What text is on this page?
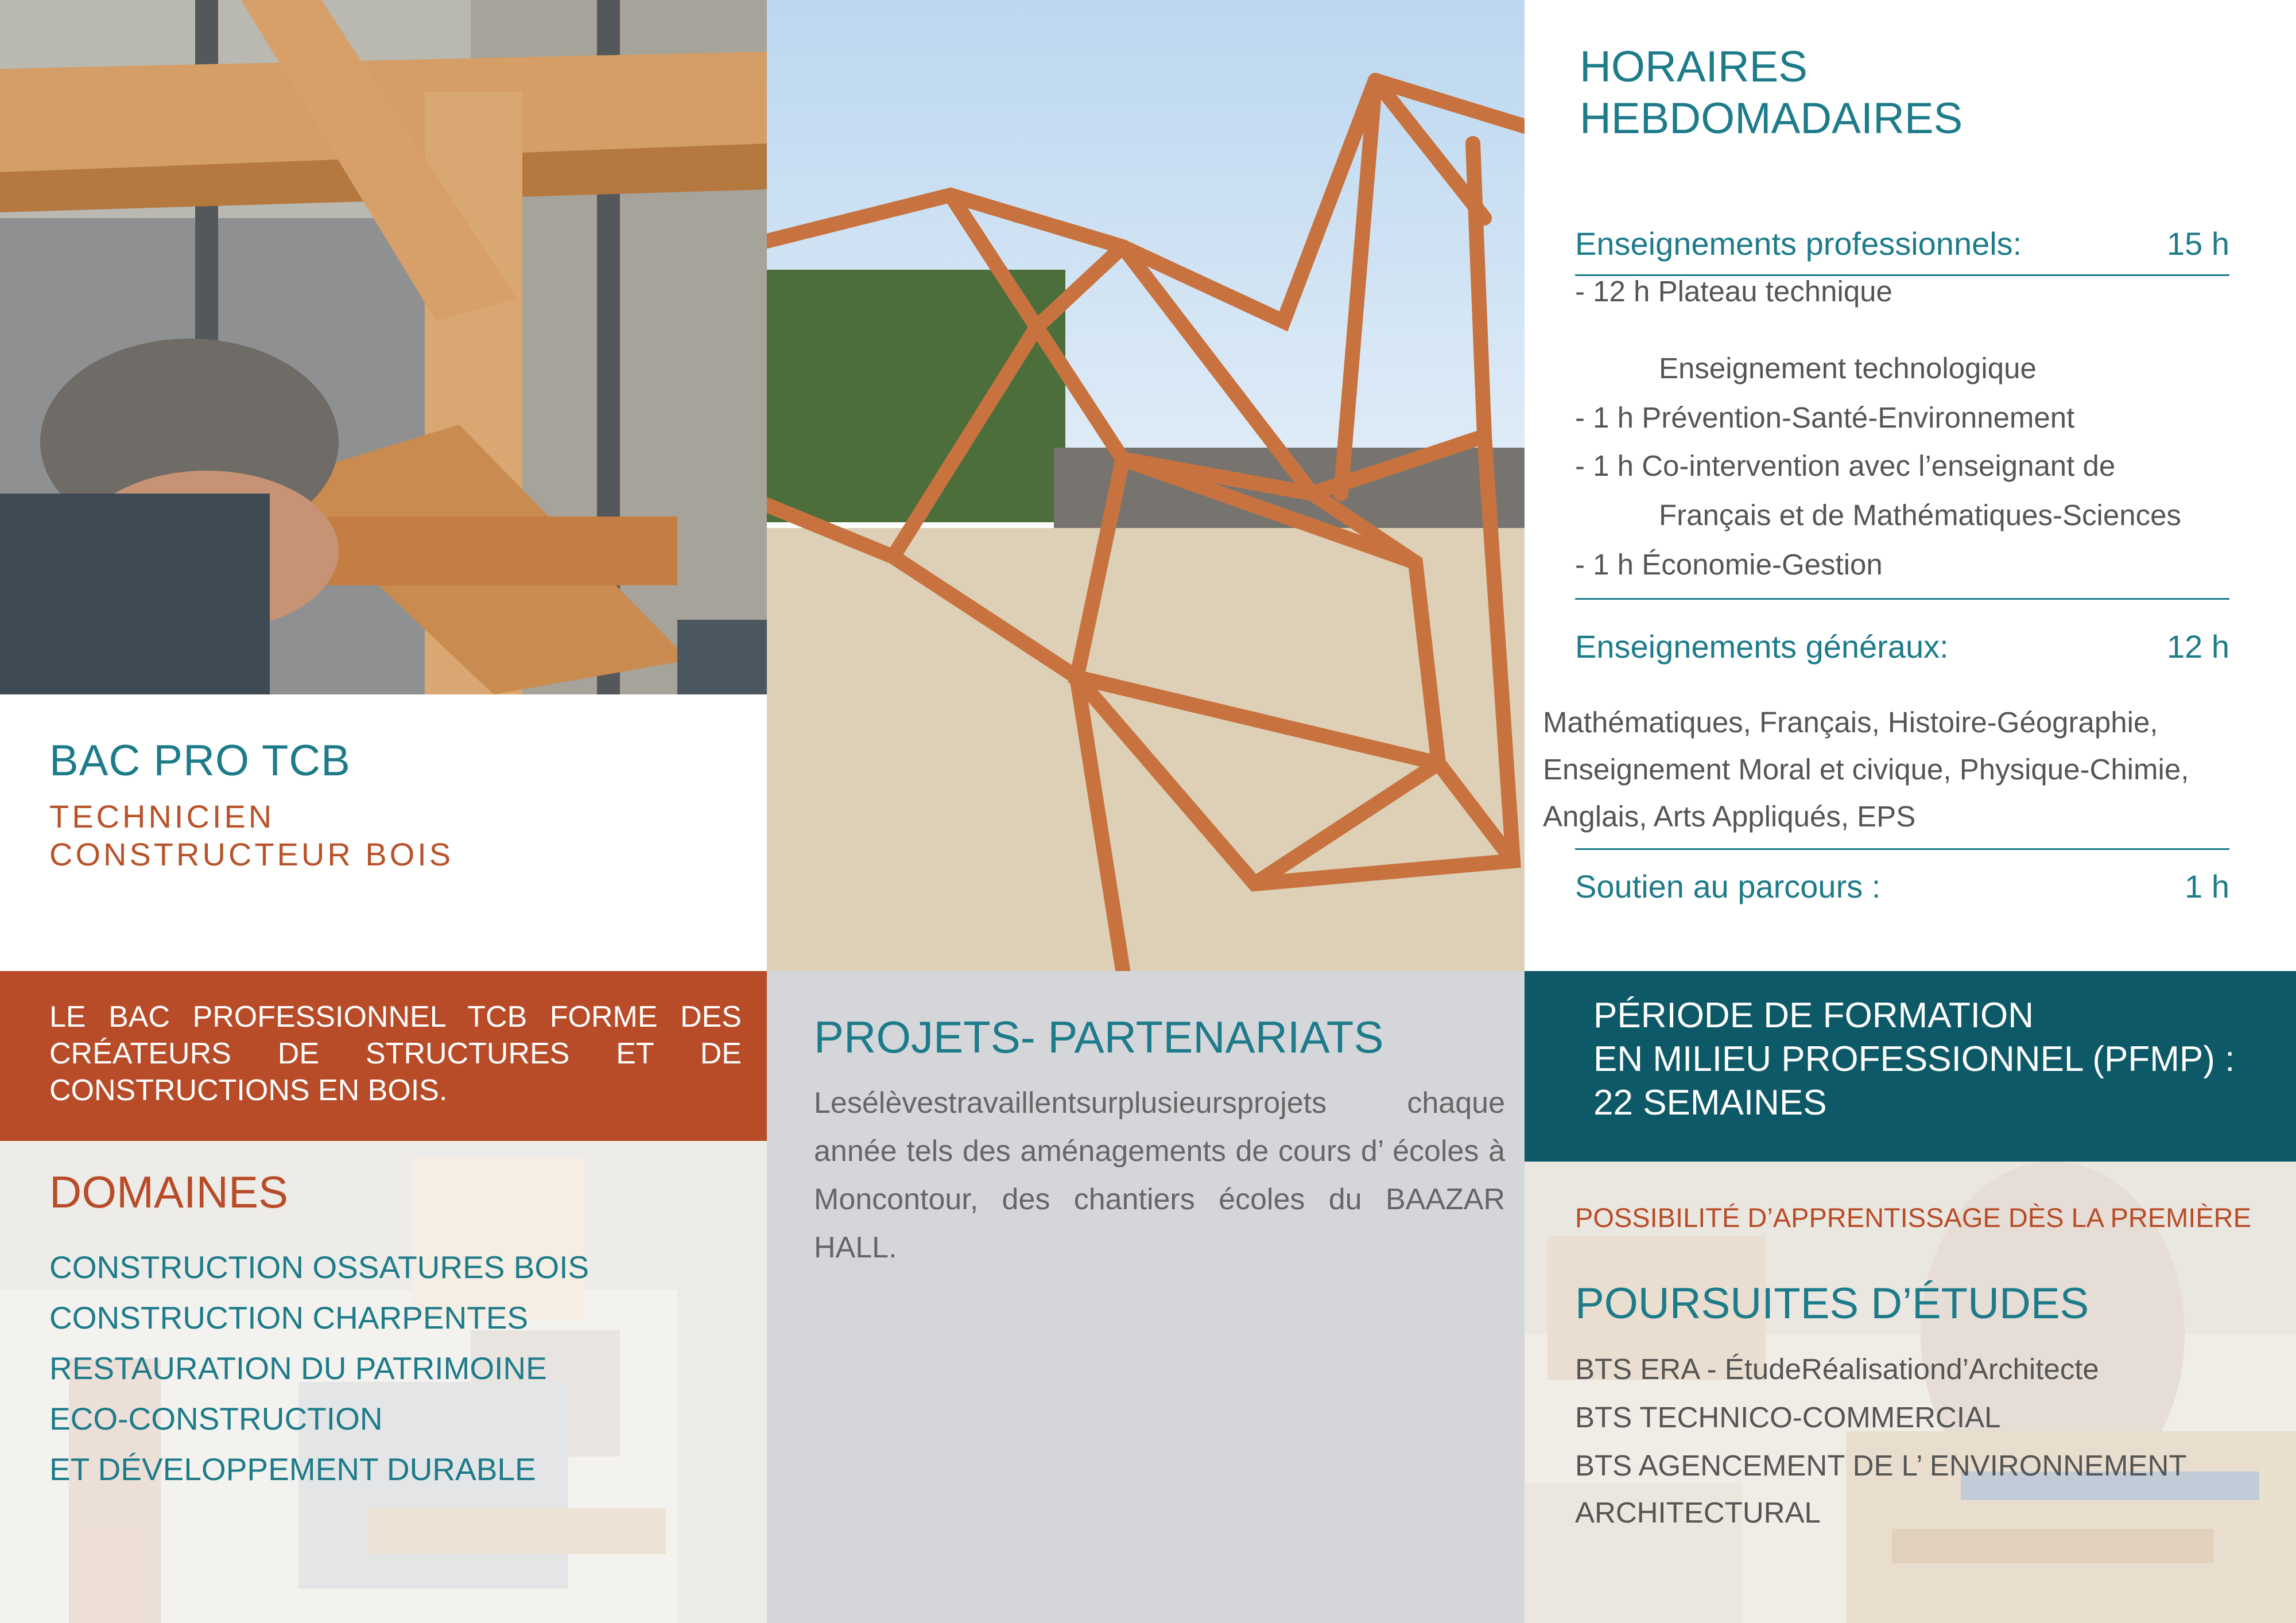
BAC PRO TCB
TECHNICIEN
CONSTRUCTEUR BOIS
LE BAC PROFESSIONNEL TCB FORME DES CRÉATEURS DE STRUCTURES ET DE CONSTRUCTIONS EN BOIS.
DOMAINES
CONSTRUCTION OSSATURES BOIS
CONSTRUCTION CHARPENTES
RESTAURATION DU PATRIMOINE
ECO-CONSTRUCTION
ET DÉVELOPPEMENT DURABLE
PROJETS- PARTENARIATS
Lesélèvestravaillentsurplusieursprojets chaque année tels des aménagements de cours d’ écoles à Moncontour, des chantiers écoles du BAAZAR HALL.
HORAIRES
HEBDOMADAIRES
Enseignements professionnels:	15 h
- 12 h Plateau technique
Enseignement technologique
- 1 h Prévention-Santé-Environnement
- 1 h Co-intervention avec l’enseignant de
Français et de Mathématiques-Sciences
- 1 h Économie-Gestion
Enseignements généraux:	12 h
Mathématiques, Français, Histoire-Géographie, Enseignement Moral et civique, Physique-Chimie, Anglais, Arts Appliqués, EPS
Soutien au parcours :	1 h
PÉRIODE DE FORMATION
EN MILIEU PROFESSIONNEL (PFMP) :
22 SEMAINES
POSSIBILITÉ D’APPRENTISSAGE DÈS LA PREMIÈRE
POURSUITES D’ÉTUDES
BTS ERA - ÉtudeRéalisationd’Architecte
BTS TECHNICO-COMMERCIAL
BTS AGENCEMENT DE L’ ENVIRONNEMENT
ARCHITECTURAL
